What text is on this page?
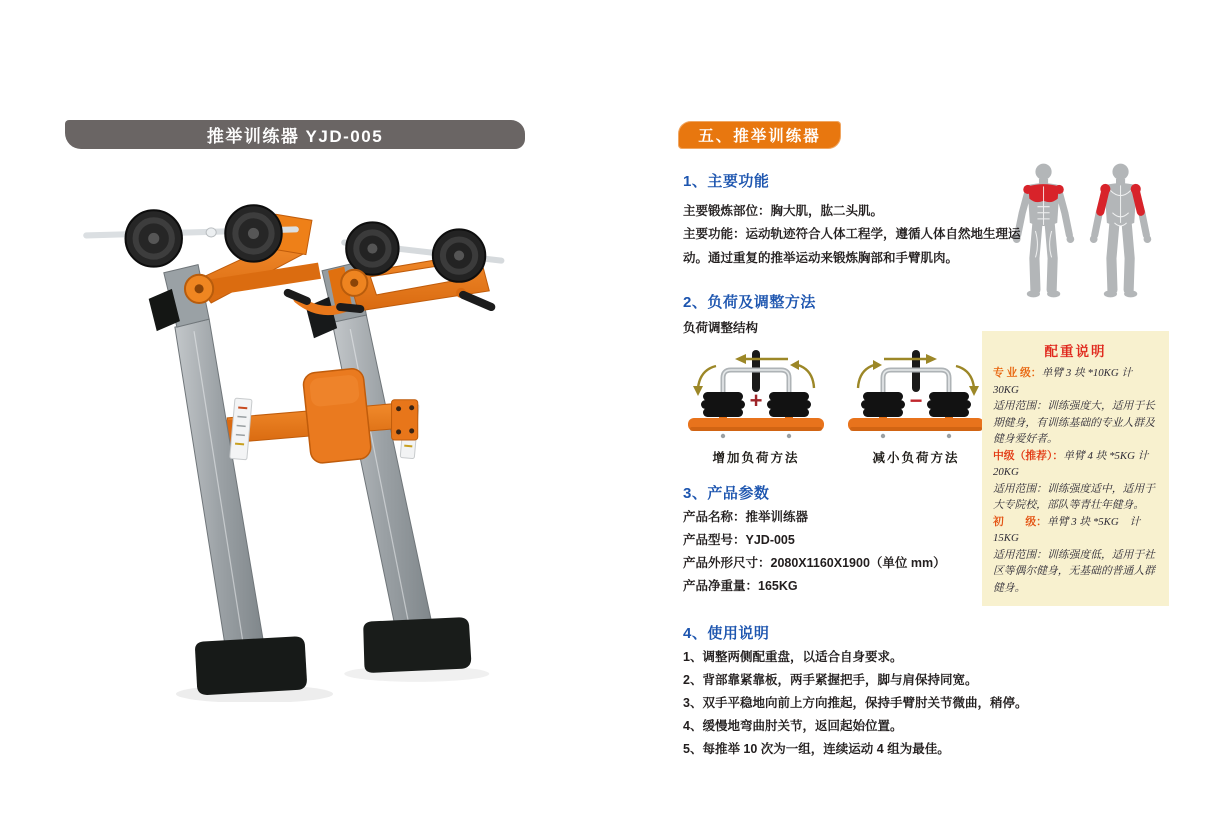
推举训练器 YJD-005	五、推举训练器
1、主要功能
主要锻炼部位：胸大肌，肱二头肌。
主要功能：运动轨迹符合人体工程学，遵循人体自然地生理运动。通过重复的推举运动来锻炼胸部和手臂肌肉。
2、负荷及调整方法
负荷调整结构
+
增加负荷方法
−
减小负荷方法
配重说明
专 业 级：单臂 3 块 *10KG 计 30KG
适用范围：训练强度大，适用于长期健身，有训练基础的专业人群及健身爱好者。
中级（推荐）：单臂 4 块 *5KG 计 20KG
适用范围：训练强度适中，适用于大专院校，部队等青壮年健身。
初　　级：单臂 3 块 *5KG　计 15KG
适用范围：训练强度低，适用于社区等偶尔健身，无基础的普通人群健身。
3、产品参数
产品名称：推举训练器
产品型号：YJD-005
产品外形尺寸：2080X1160X1900（单位 mm）
产品净重量：165KG
4、使用说明
1、调整两侧配重盘，以适合自身要求。
2、背部靠紧靠板，两手紧握把手，脚与肩保持同宽。
3、双手平稳地向前上方向推起，保持手臂肘关节微曲，稍停。
4、缓慢地弯曲肘关节，返回起始位置。
5、每推举 10 次为一组，连续运动 4 组为最佳。
